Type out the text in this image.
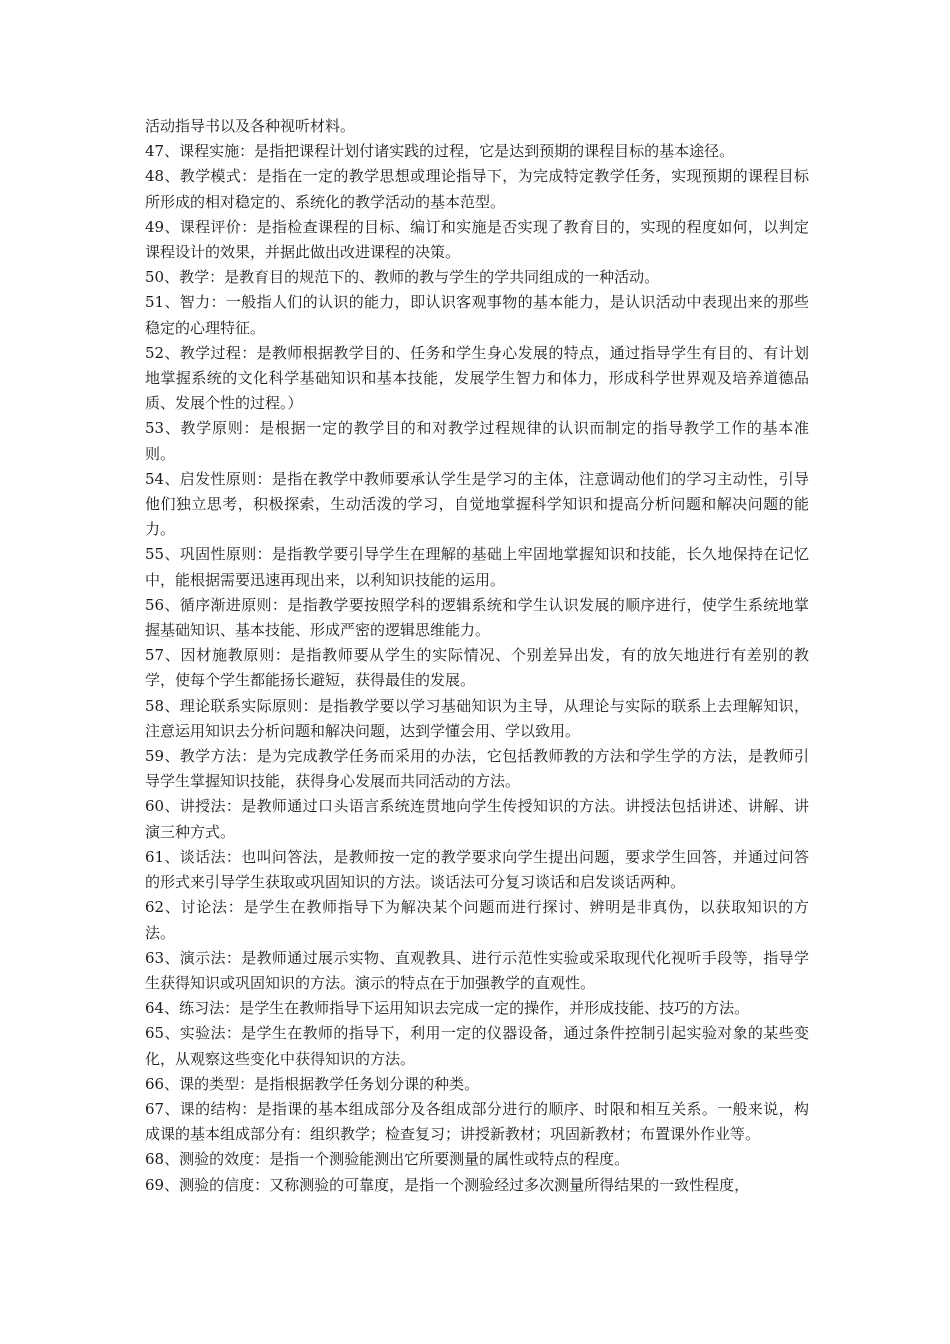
活动指导书以及各种视听材料。

47、课程实施：是指把课程计划付诸实践的过程，它是达到预期的课程目标的基本途径。

48、教学模式：是指在一定的教学思想或理论指导下，为完成特定教学任务，实现预期的课程目标所形成的相对稳定的、系统化的教学活动的基本范型。

49、课程评价：是指检查课程的目标、编订和实施是否实现了教育目的，实现的程度如何，以判定课程设计的效果，并据此做出改进课程的决策。

50、教学：是教育目的规范下的、教师的教与学生的学共同组成的一种活动。

51、智力：一般指人们的认识的能力，即认识客观事物的基本能力，是认识活动中表现出来的那些稳定的心理特征。

52、教学过程：是教师根据教学目的、任务和学生身心发展的特点，通过指导学生有目的、有计划地掌握系统的文化科学基础知识和基本技能，发展学生智力和体力，形成科学世界观及培养道德品质、发展个性的过程。）

53、教学原则：是根据一定的教学目的和对教学过程规律的认识而制定的指导教学工作的基本准则。

54、启发性原则：是指在教学中教师要承认学生是学习的主体，注意调动他们的学习主动性，引导他们独立思考，积极探索，生动活泼的学习，自觉地掌握科学知识和提高分析问题和解决问题的能力。

55、巩固性原则：是指教学要引导学生在理解的基础上牢固地掌握知识和技能，长久地保持在记忆中，能根据需要迅速再现出来，以利知识技能的运用。

56、循序渐进原则：是指教学要按照学科的逻辑系统和学生认识发展的顺序进行，使学生系统地掌握基础知识、基本技能、形成严密的逻辑思维能力。

57、因材施教原则：是指教师要从学生的实际情况、个别差异出发，有的放矢地进行有差别的教学，使每个学生都能扬长避短，获得最佳的发展。

58、理论联系实际原则：是指教学要以学习基础知识为主导，从理论与实际的联系上去理解知识，注意运用知识去分析问题和解决问题，达到学懂会用、学以致用。

59、教学方法：是为完成教学任务而采用的办法，它包括教师教的方法和学生学的方法，是教师引导学生掌握知识技能，获得身心发展而共同活动的方法。

60、讲授法：是教师通过口头语言系统连贯地向学生传授知识的方法。讲授法包括讲述、讲解、讲演三种方式。

61、谈话法：也叫问答法，是教师按一定的教学要求向学生提出问题，要求学生回答，并通过问答的形式来引导学生获取或巩固知识的方法。谈话法可分复习谈话和启发谈话两种。

62、讨论法：是学生在教师指导下为解决某个问题而进行探讨、辨明是非真伪，以获取知识的方法。

63、演示法：是教师通过展示实物、直观教具、进行示范性实验或采取现代化视听手段等，指导学生获得知识或巩固知识的方法。演示的特点在于加强教学的直观性。

64、练习法：是学生在教师指导下运用知识去完成一定的操作，并形成技能、技巧的方法。

65、实验法：是学生在教师的指导下，利用一定的仪器设备，通过条件控制引起实验对象的某些变化，从观察这些变化中获得知识的方法。

66、课的类型：是指根据教学任务划分课的种类。

67、课的结构：是指课的基本组成部分及各组成部分进行的顺序、时限和相互关系。一般来说，构成课的基本组成部分有：组织教学；检查复习；讲授新教材；巩固新教材；布置课外作业等。

68、测验的效度：是指一个测验能测出它所要测量的属性或特点的程度。

69、测验的信度：又称测验的可靠度，是指一个测验经过多次测量所得结果的一致性程度，
